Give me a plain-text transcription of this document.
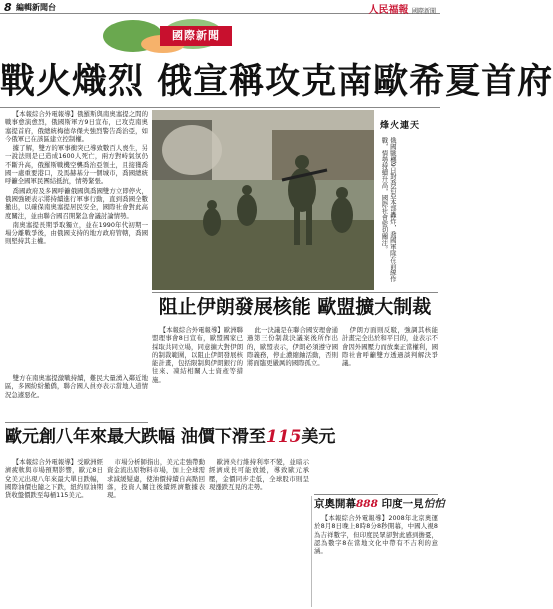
8 編輯新聞台	人民福報 國際新聞
國際新聞
戰火熾烈 俄宣稱攻克南歐希夏首府

【本報綜合外電報導】俄羅斯與南奧塞提之間的戰事愈演愈烈，俄國斯軍方9日宣布，已攻克南奧塞提首府，俄總統梅德韋傑夫強烈警告喬治亞，如今俄軍已在該區建立控制權。

據了解，雙方的軍事衝突已導致數百人喪生，另一說法則是已造成1600人死亡，兩方對峙氣氛仍不斷升高，俄羅斯戰機空襲喬治亞領土，且接獲喬國一處重要港口，及馬赫基分一個城市，喬國總統呼籲全國軍民團結抵抗，情勢緊張。

喬國政府及多國呼籲俄國與喬國雙方立即停火，俄國強硬表示將持續進行軍事行動，直到喬國全數撤出，以確保南奧塞提居民安全，國際社會對此高度關注，並由聯合國召開緊急會議討論情勢。

南奧塞提長期爭取獨立，並在1990年代初期一場分離戰爭後，由俄國支持的地方政府管轄，喬國則堅持其主權。

雙方在南奧塞提激戰持續，難民大量湧入鄰近地區，多國紛紛撤僑，聯合國人員亦表示當地人道情況急遽惡化。

烽火連天
俄國戰機9日對喬治亞本部轟炸，喬國軍隊在前線作戰，情勢持續升高，國際社會密切關注。
阻止伊朗發展核能 歐盟擴大制裁

【本報綜合外電報導】歐洲聯盟理事會8日宣布，歐盟國家已採取共同立場，同意擴大對伊朗的制裁範圍，以阻止伊朗發展核能計畫，包括限制與伊朗銀行的往來、凍結相關人士資產等措施。

此一決議是在聯合國安理會通過第三份制裁決議案後所作出的，歐盟表示，伊朗必須遵守國際義務，停止濃縮鈾活動，否則將面臨更嚴厲的國際孤立。

伊朗方面則反駁，強調其核能計畫完全出於和平目的，並表示不會因外國壓力而放棄正當權利，國際社會呼籲雙方透過談判解決爭議。

歐元創八年來最大跌幅 油價下滑至115美元

【本報綜合外電報導】受歐洲經濟疲軟與市場預期影響，歐元8日兌美元出現八年來最大單日跌幅，國際油價也隨之下跌，紐約原油期貨收盤價跌至每桶115美元。

市場分析師指出，美元走強帶動資金流出原物料市場，加上全球需求減緩疑慮，使油價持續自高點回落，投資人關注後續經濟數據表現。

歐洲央行維持利率不變，並暗示經濟成長可能放緩，導致歐元承壓，金價同步走低，全球股市則呈現漲跌互見的走勢。

京奧開幕888 印度一見怕怕

【本報綜合外電報導】2008年北京奧運於8月8日晚上8時8分8秒開幕，中國人視8為吉祥數字，但印度民眾卻對此感到擔憂，認為數字8在當地文化中帶有不吉利的意涵。
